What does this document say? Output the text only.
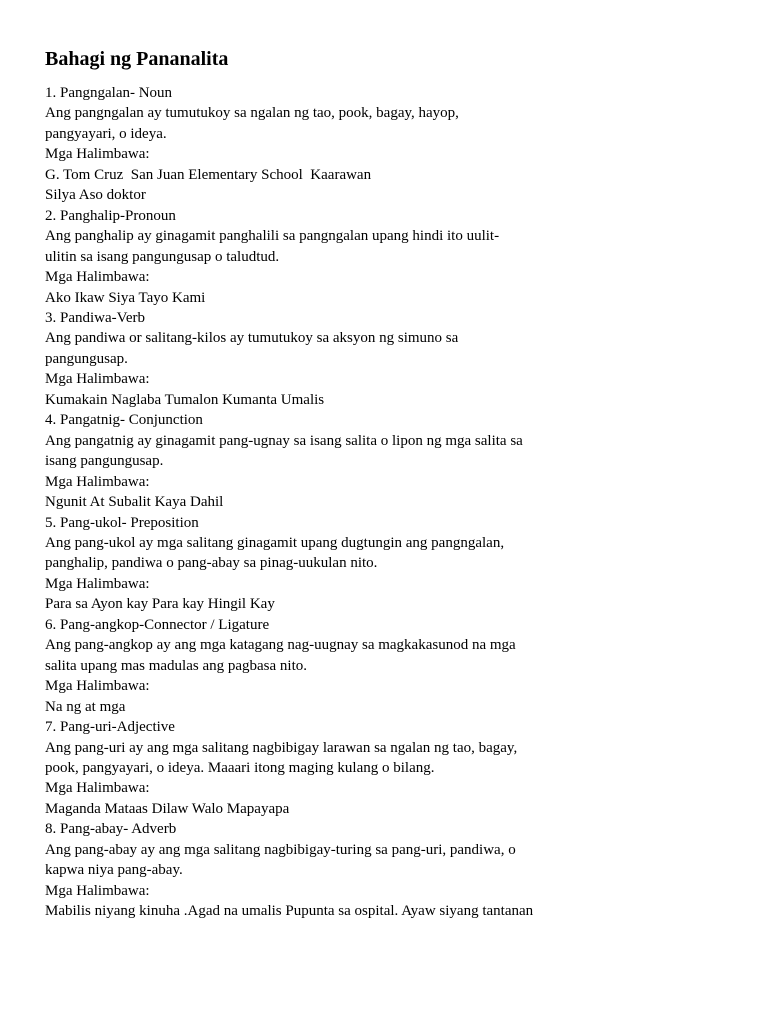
Bahagi ng Pananalita
1. Pangngalan- Noun
Ang pangngalan ay tumutukoy sa ngalan ng tao, pook, bagay, hayop,
pangyayari, o ideya.
Mga Halimbawa:
G. Tom Cruz  San Juan Elementary School  Kaarawan
Silya Aso doktor
2. Panghalip-Pronoun
Ang panghalip ay ginagamit panghalili sa pangngalan upang hindi ito uulit-
ulitin sa isang pangungusap o taludtud.
Mga Halimbawa:
Ako Ikaw Siya Tayo Kami
3. Pandiwa-Verb
Ang pandiwa or salitang-kilos ay tumutukoy sa aksyon ng simuno sa
pangungusap.
Mga Halimbawa:
Kumakain Naglaba Tumalon Kumanta Umalis
4. Pangatnig- Conjunction
Ang pangatnig ay ginagamit pang-ugnay sa isang salita o lipon ng mga salita sa
isang pangungusap.
Mga Halimbawa:
Ngunit At Subalit Kaya Dahil
5. Pang-ukol- Preposition
Ang pang-ukol ay mga salitang ginagamit upang dugtungin ang pangngalan,
panghalip, pandiwa o pang-abay sa pinag-uukulan nito.
Mga Halimbawa:
Para sa Ayon kay Para kay Hingil Kay
6. Pang-angkop-Connector / Ligature
Ang pang-angkop ay ang mga katagang nag-uugnay sa magkakasunod na mga
salita upang mas madulas ang pagbasa nito.
Mga Halimbawa:
Na ng at mga
7. Pang-uri-Adjective
Ang pang-uri ay ang mga salitang nagbibigay larawan sa ngalan ng tao, bagay,
pook, pangyayari, o ideya. Maaari itong maging kulang o bilang.
Mga Halimbawa:
Maganda Mataas Dilaw Walo Mapayapa
8. Pang-abay- Adverb
Ang pang-abay ay ang mga salitang nagbibigay-turing sa pang-uri, pandiwa, o
kapwa niya pang-abay.
Mga Halimbawa:
Mabilis niyang kinuha .Agad na umalis Pupunta sa ospital. Ayaw siyang tantanan
